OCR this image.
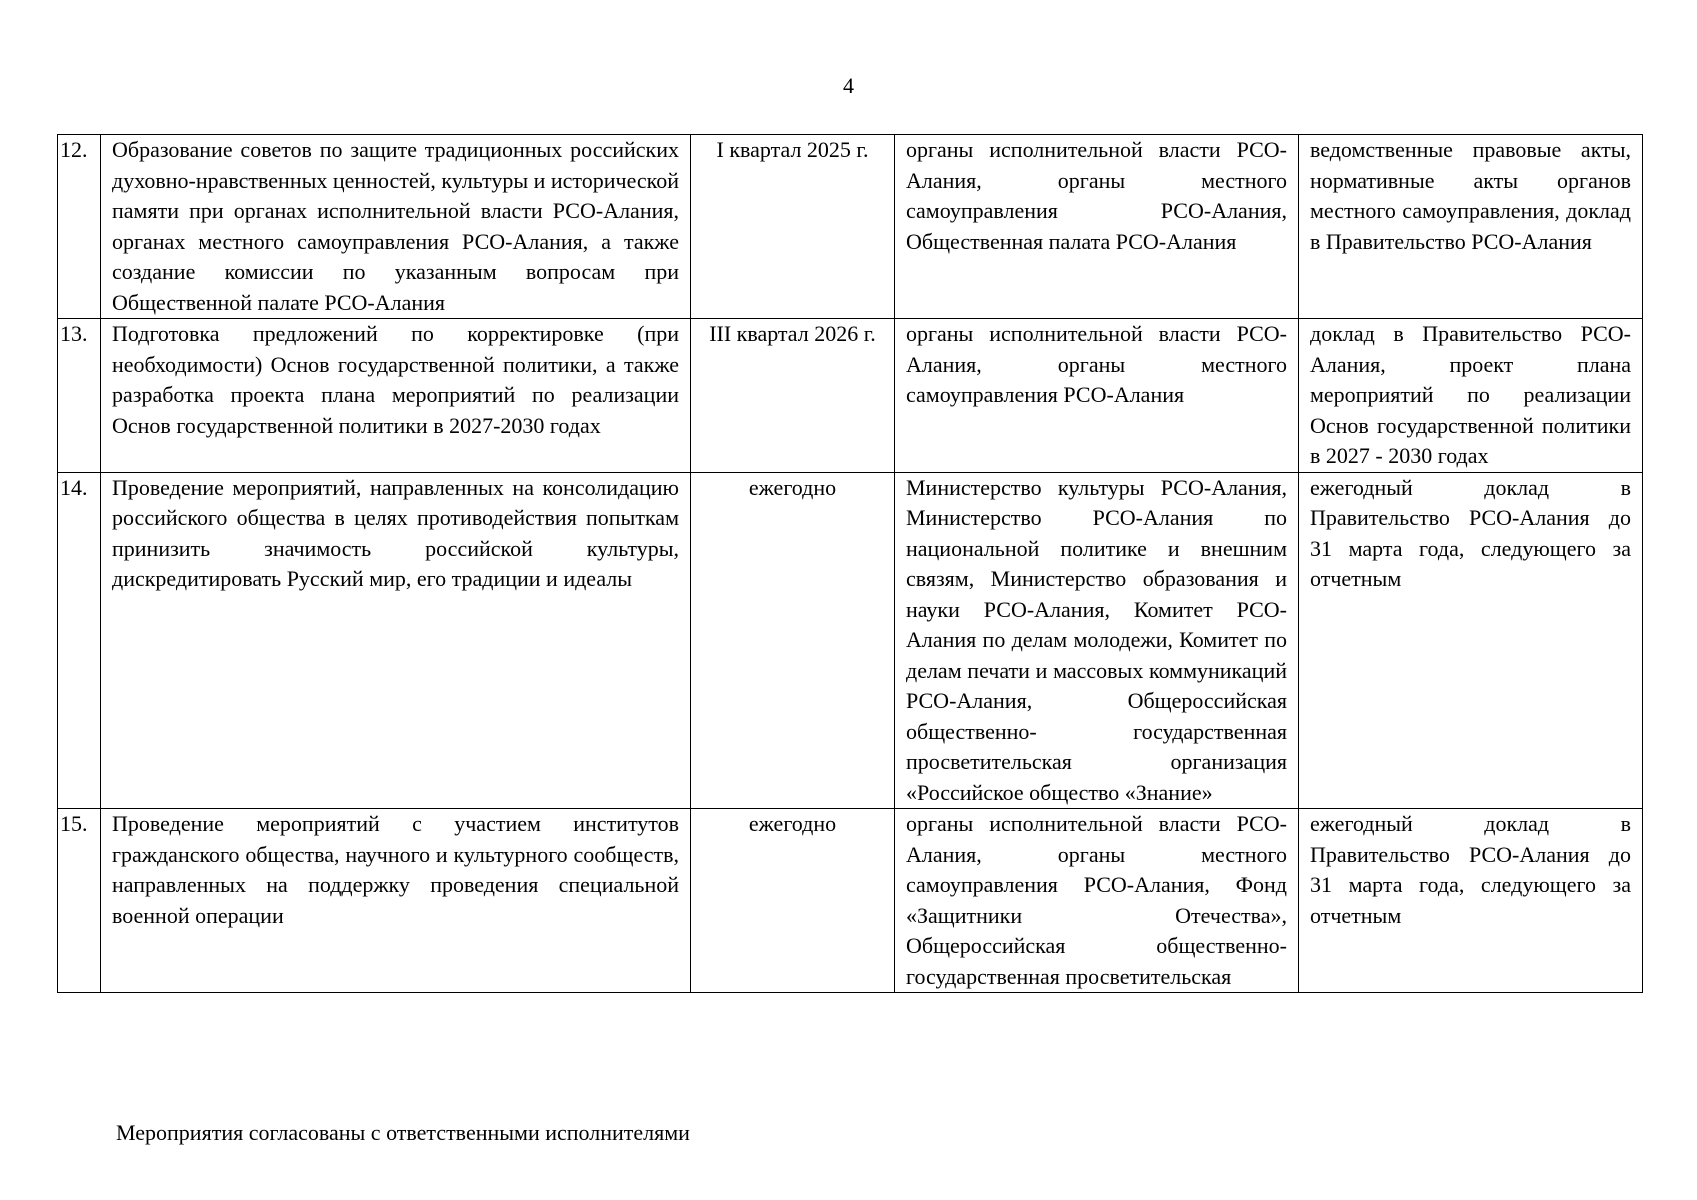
4
12.	Образование советов по защите традиционных российских духовно-нравственных ценностей, культуры и исторической памяти при органах исполнительной власти РСО-Алания, органах местного самоуправления РСО-Алания, а также создание комиссии по указанным вопросам при Общественной палате РСО-Алания	I квартал 2025 г.	органы исполнительной власти РСО-Алания, органы местного самоуправления РСО-Алания, Общественная палата РСО-Алания	ведомственные правовые акты, нормативные акты органов местного самоуправления, доклад в Правительство РСО-Алания
13.	Подготовка предложений по корректировке (при необходимости) Основ государственной политики, а также разработка проекта плана мероприятий по реализации Основ государственной политики в 2027-2030 годах	III квартал 2026 г.	органы исполнительной власти РСО-Алания, органы местного самоуправления РСО-Алания	доклад в Правительство РСО-Алания, проект плана мероприятий по реализации Основ государственной политики в 2027 - 2030 годах
14.	Проведение мероприятий, направленных на консолидацию российского общества в целях противодействия попыткам принизить значимость российской культуры, дискредитировать Русский мир, его традиции и идеалы	ежегодно	Министерство культуры РСО-Алания, Министерство РСО-Алания по национальной политике и внешним связям, Министерство образования и науки РСО-Алания, Комитет РСО-Алания по делам молодежи, Комитет по делам печати и массовых коммуникаций РСО-Алания, Общероссийская общественно- государственная просветительская организация «Российское общество «Знание»	ежегодный доклад в Правительство РСО-Алания до 31 марта года, следующего за отчетным
15.	Проведение мероприятий с участием институтов гражданского общества, научного и культурного сообществ, направленных на поддержку проведения специальной военной операции	ежегодно	органы исполнительной власти РСО-Алания, органы местного самоуправления РСО-Алания, Фонд «Защитники Отечества», Общероссийская общественно- государственная просветительская	ежегодный доклад в Правительство РСО-Алания до 31 марта года, следующего за отчетным
Мероприятия согласованы с ответственными исполнителями
